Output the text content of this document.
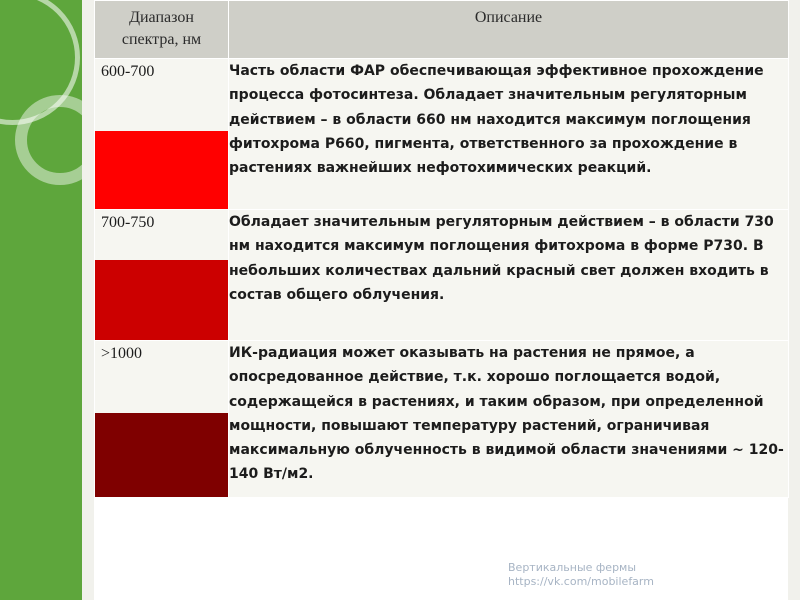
Диапазон
спектра, нм	Описание

600-700	Часть области ФАР обеспечивающая эффективное прохождение процесса фотосинтеза. Обладает значительным регуляторным действием – в области 660 нм находится максимум поглощения фитохрома Р660, пигмента, ответственного за прохождение в растениях важнейших нефотохимических реакций.

700-750	Обладает значительным регуляторным действием – в области 730 нм находится максимум поглощения фитохрома в форме Р730. В небольших количествах дальний красный свет должен входить в состав общего облучения.

>1000	ИК-радиация может оказывать на растения не прямое, а опосредованное действие, т.к. хорошо поглощается водой, содержащейся в растениях, и таким образом, при определенной мощности, повышают температуру растений, ограничивая максимальную облученность в видимой области значениями ~ 120-140 Вт/м2.
Вертикальные фермы
https://vk.com/mobilefarm
